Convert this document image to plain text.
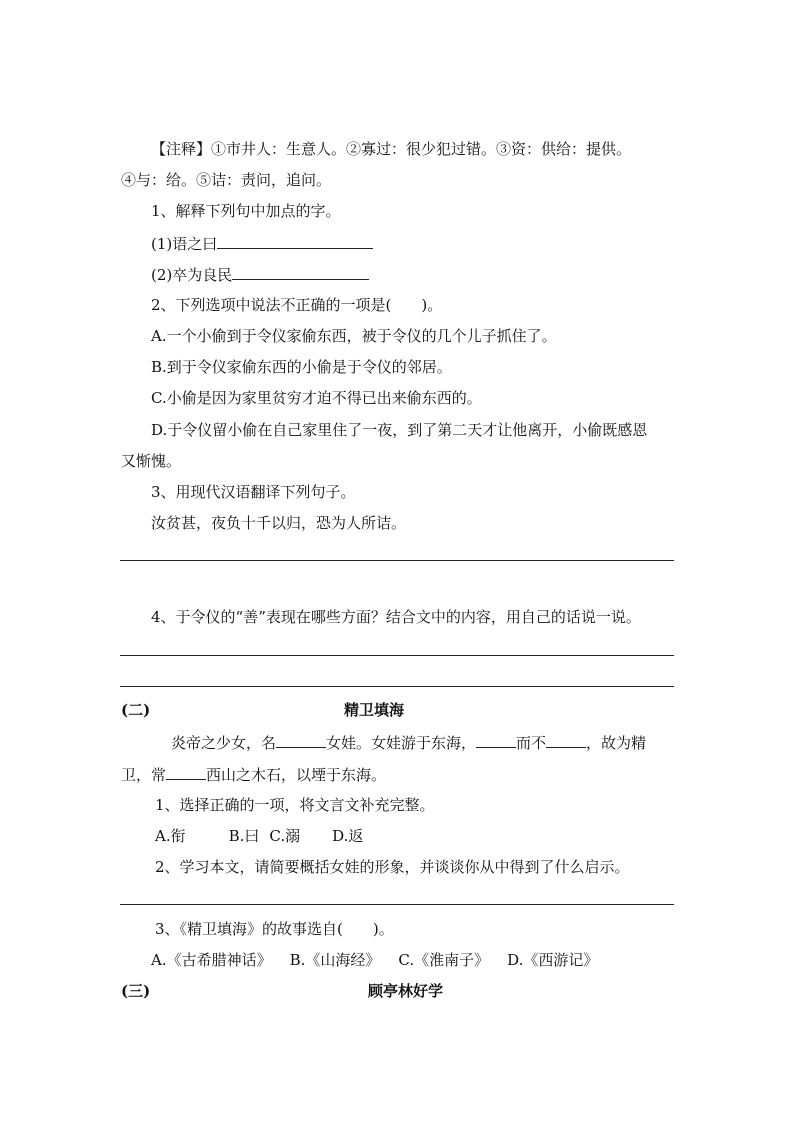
【注释】①市井人：生意人。②寡过：很少犯过错。③资：供给：提供。
④与：给。⑤诘：责问，追问。
1、解释下列句中加点的字。
(1)语之曰
(2)卒为良民
2、下列选项中说法不正确的一项是(　　)。
A.一个小偷到于令仪家偷东西，被于令仪的几个儿子抓住了。
B.到于令仪家偷东西的小偷是于令仪的邻居。
C.小偷是因为家里贫穷才迫不得已出来偷东西的。
D.于令仪留小偷在自己家里住了一夜，到了第二天才让他离开，小偷既感恩
又惭愧。
3、用现代汉语翻译下列句子。
汝贫甚，夜负十千以归，恐为人所诘。
4、于令仪的“善”表现在哪些方面？结合文中的内容，用自己的话说一说。
(二)	精卫填海
炎帝之少女，名	女娃。女娃游于东海，	而不	，故为精
卫，常	西山之木石，以堙于东海。
1、选择正确的一项，将文言文补充完整。
A.衔	B.曰 C.溺 D.返
2、学习本文，请简要概括女娃的形象，并谈谈你从中得到了什么启示。
3、《精卫填海》的故事选自(　　)。
A.《古希腊神话》 B.《山海经》 C.《淮南子》 D.《西游记》
(三)	顾亭林好学
